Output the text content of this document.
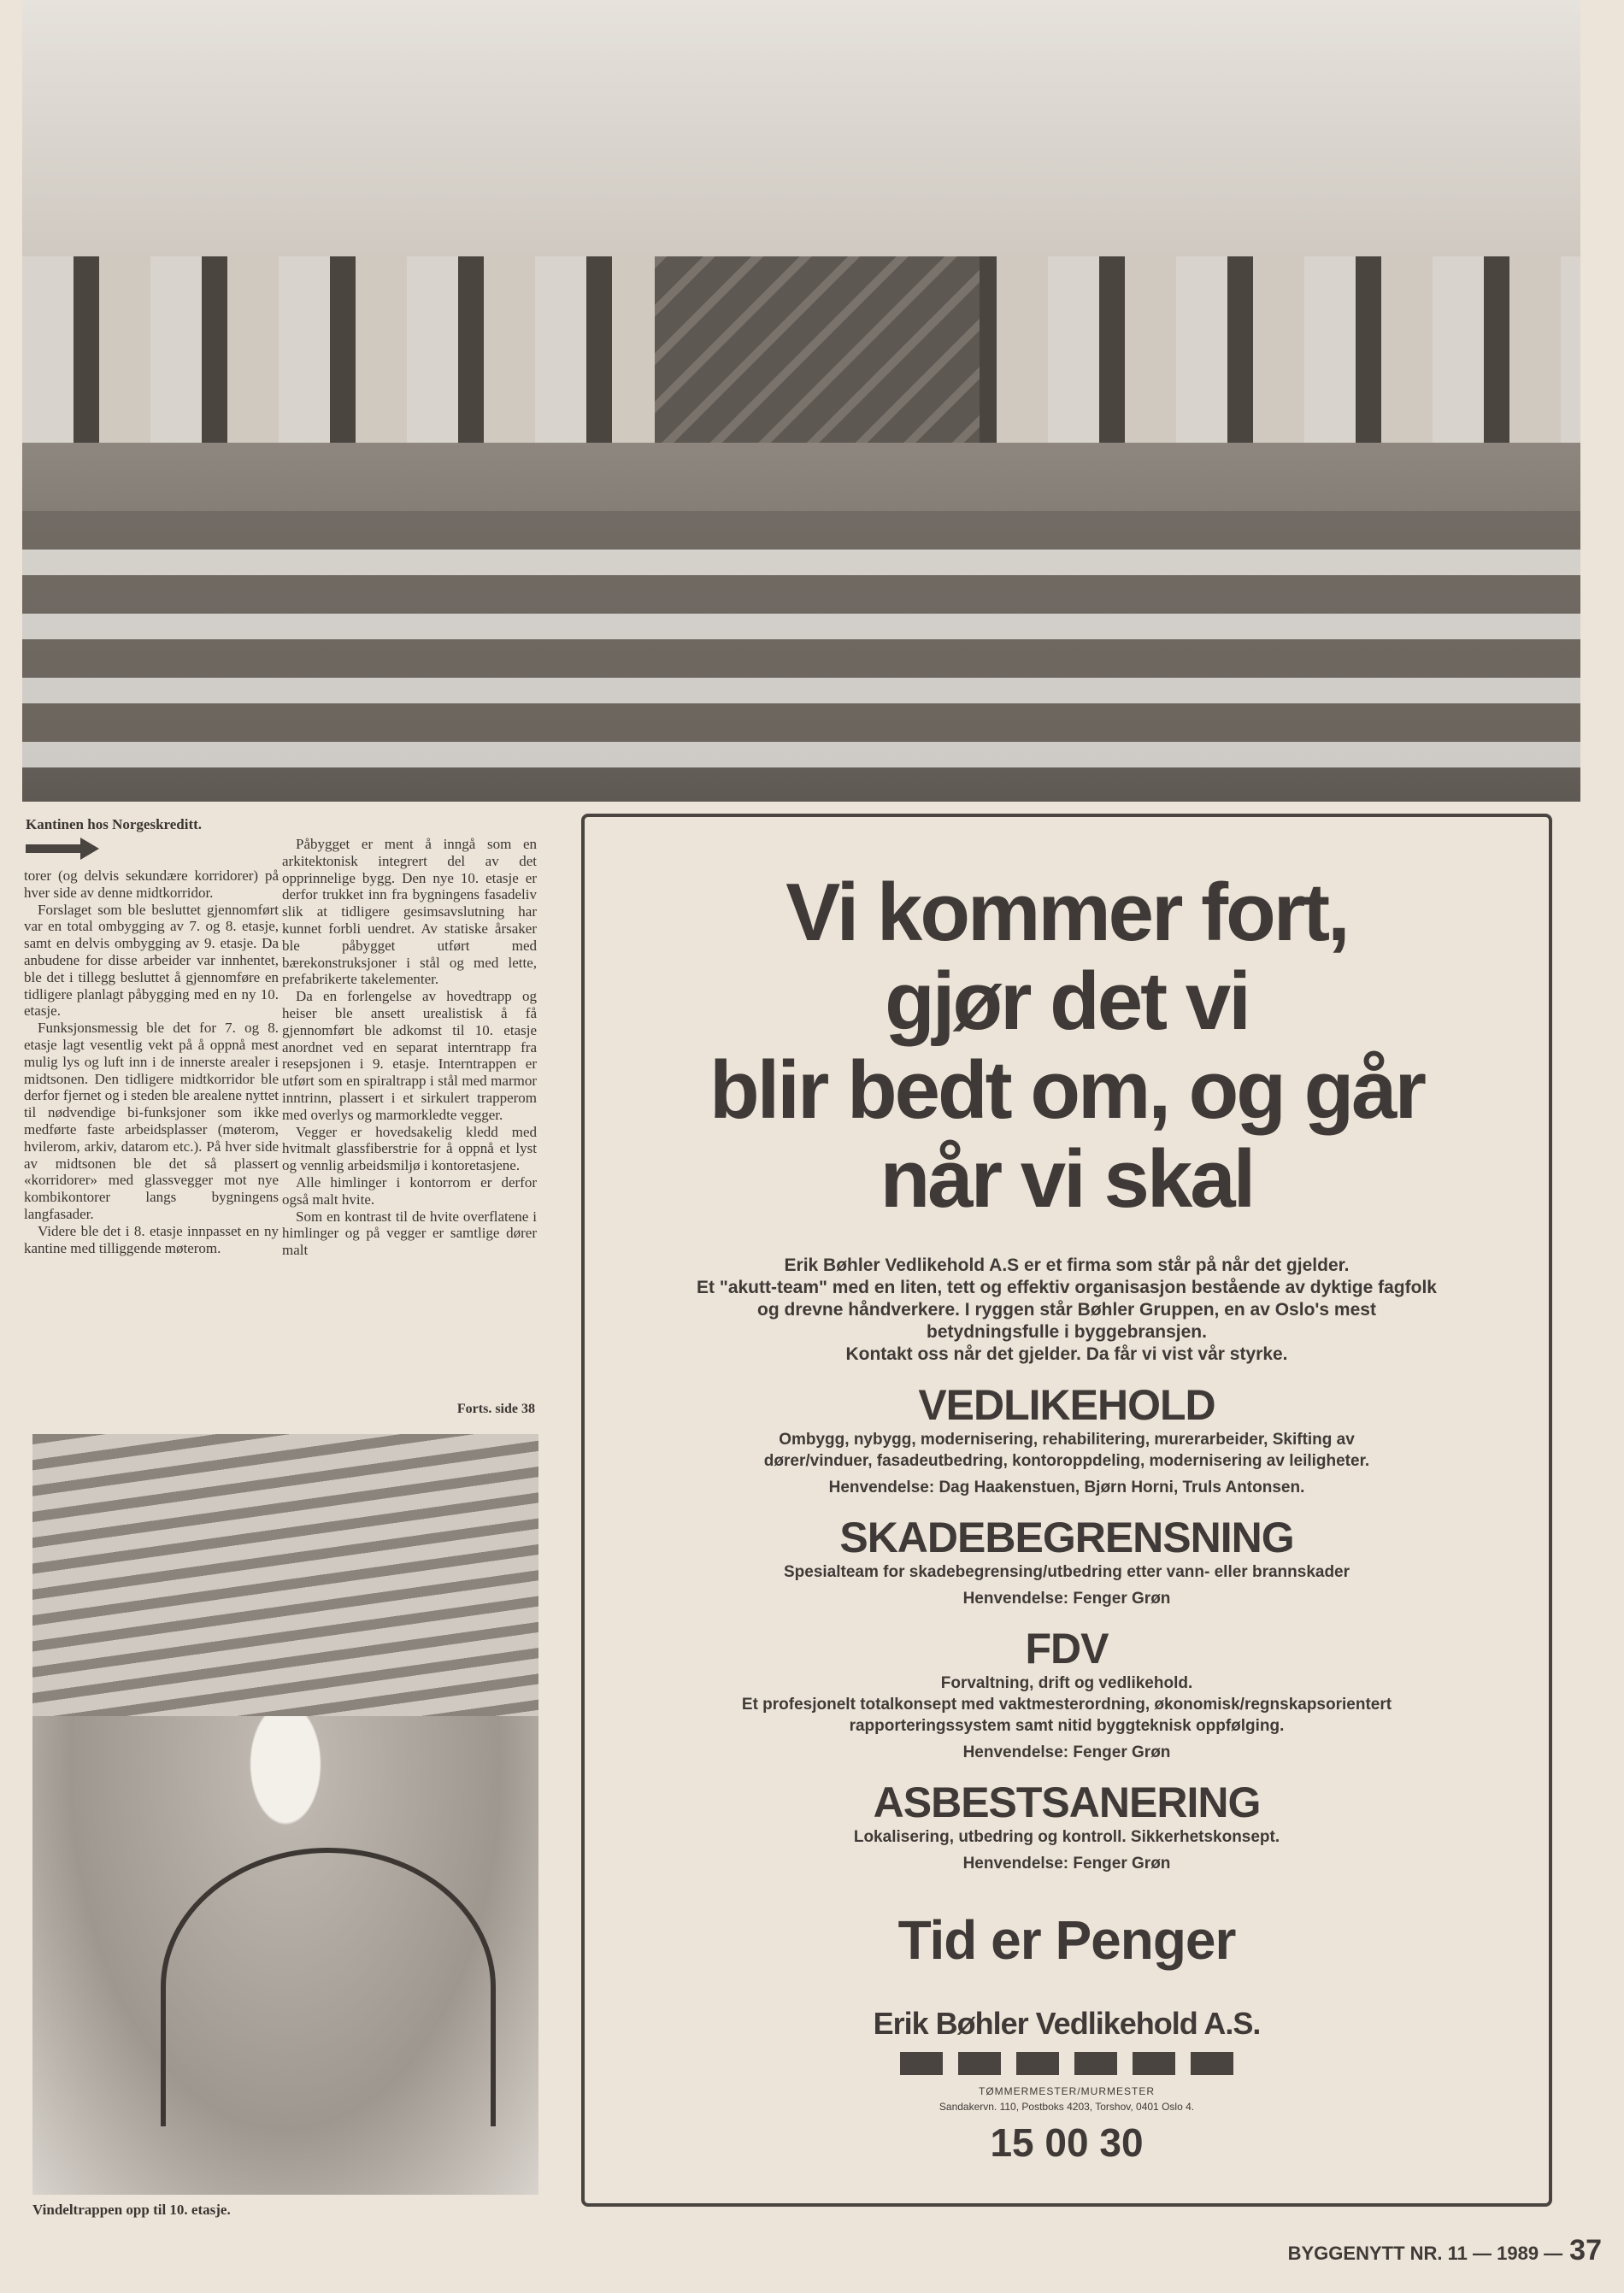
Kantinen hos Norgeskreditt.

torer (og delvis sekundære korridorer) på hver side av denne midtkorridor.

Forslaget som ble besluttet gjennomført var en total ombygging av 7. og 8. etasje, samt en delvis ombygging av 9. etasje. Da anbudene for disse arbeider var innhentet, ble det i tillegg besluttet å gjennomføre en tidligere planlagt påbygging med en ny 10. etasje.

Funksjonsmessig ble det for 7. og 8. etasje lagt vesentlig vekt på å oppnå mest mulig lys og luft inn i de innerste arealer i midtsonen. Den tidligere midtkorridor ble derfor fjernet og i steden ble arealene nyttet til nødvendige bi-funksjoner som ikke medførte faste arbeidsplasser (møterom, hvilerom, arkiv, datarom etc.). På hver side av midtsonen ble det så plassert «korridorer» med glassvegger mot nye kombikontorer langs bygningens langfasader.

Videre ble det i 8. etasje innpasset en ny kantine med tilliggende møterom.

Påbygget er ment å inngå som en arkitektonisk integrert del av det opprinnelige bygg. Den nye 10. etasje er derfor trukket inn fra bygningens fasadeliv slik at tidligere gesimsavslutning har kunnet forbli uendret. Av statiske årsaker ble påbygget utført med bærekonstruksjoner i stål og med lette, prefabrikerte takelementer.

Da en forlengelse av hovedtrapp og heiser ble ansett urealistisk å få gjennomført ble adkomst til 10. etasje anordnet ved en separat interntrapp fra resepsjonen i 9. etasje. Interntrappen er utført som en spiraltrapp i stål med marmor inntrinn, plassert i et sirkulert trapperom med overlys og marmorkledte vegger.

Vegger er hovedsakelig kledd med hvitmalt glassfiberstrie for å oppnå et lyst og vennlig arbeidsmiljø i kontoretasjene.

Alle himlinger i kontorrom er derfor også malt hvite.

Som en kontrast til de hvite overflatene i himlinger og på vegger er samtlige dører malt

Forts. side 38
Vindeltrappen opp til 10. etasje.
Vi kommer fort,
gjør det vi
blir bedt om, og går
når vi skal
Erik Bøhler Vedlikehold A.S er et firma som står på når det gjelder.
Et "akutt-team" med en liten, tett og effektiv organisasjon bestående av dyktige fagfolk
og drevne håndverkere. I ryggen står Bøhler Gruppen, en av Oslo's mest
betydningsfulle i byggebransjen.
Kontakt oss når det gjelder. Da får vi vist vår styrke.
VEDLIKEHOLD
Ombygg, nybygg, modernisering, rehabilitering, murerarbeider, Skifting av
dører/vinduer, fasadeutbedring, kontoroppdeling, modernisering av leiligheter.
Henvendelse: Dag Haakenstuen, Bjørn Horni, Truls Antonsen.
SKADEBEGRENSNING
Spesialteam for skadebegrensing/utbedring etter vann- eller brannskader
Henvendelse: Fenger Grøn
FDV
Forvaltning, drift og vedlikehold.
Et profesjonelt totalkonsept med vaktmesterordning, økonomisk/regnskapsorientert
rapporteringssystem samt nitid byggteknisk oppfølging.
Henvendelse: Fenger Grøn
ASBESTSANERING
Lokalisering, utbedring og kontroll. Sikkerhetskonsept.
Henvendelse: Fenger Grøn
Tid er Penger
Erik Bøhler Vedlikehold A.S.
TØMMERMESTER/MURMESTER
Sandakervn. 110, Postboks 4203, Torshov, 0401 Oslo 4.
15 00 30
BYGGENYTT NR. 11 — 1989 — 37
